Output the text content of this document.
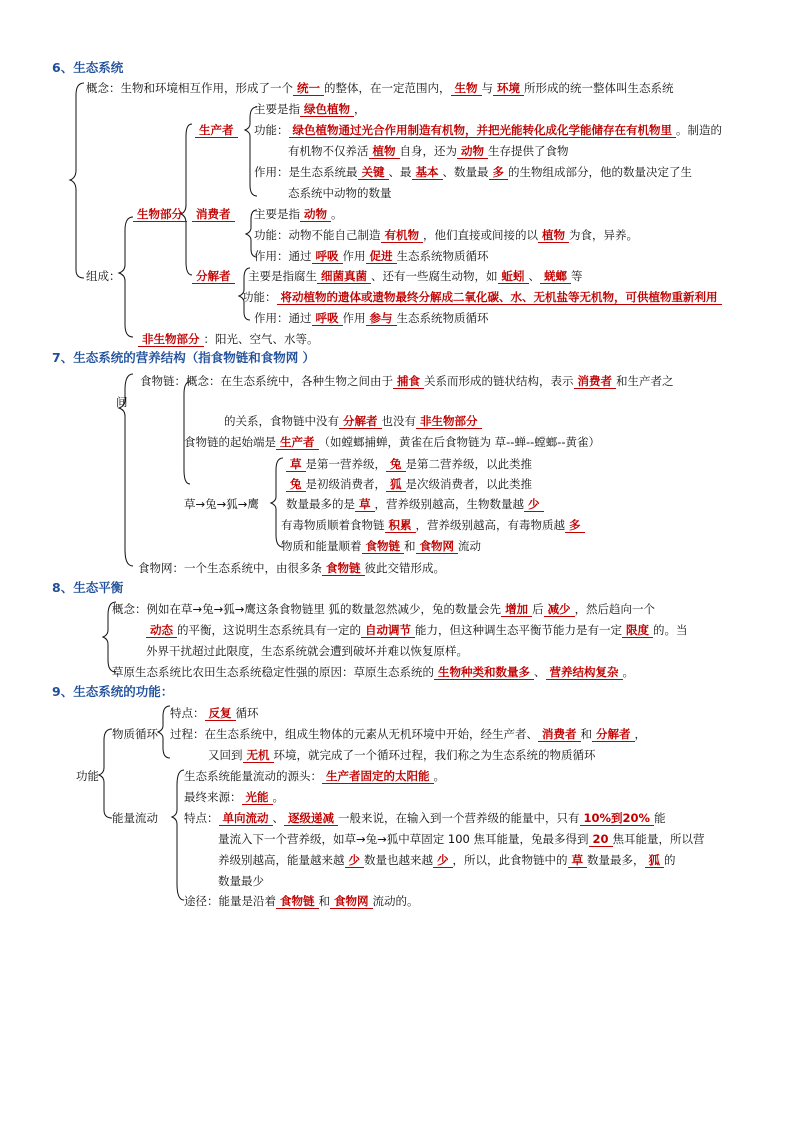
6、生态系统
概念：生物和环境相互作用，形成了一个 统一 的整体，在一定范围内， 生物 与 环境 所形成的统一整体叫生态系统
主要是指 绿色植物 ，
生产者	功能： 绿色植物通过光合作用制造有机物，并把光能转化成化学能储存在有机物里 。制造的
有机物不仅养活 植物 自身，还为 动物 生存提供了食物
作用：是生态系统最 关键 、最 基本 、数量最 多 的生物组成部分，他的数量决定了生
态系统中动物的数量
生物部分	消费者	主要是指 动物 。
功能：动物不能自己制造 有机物 ，他们直接或间接的以 植物 为食，异养。
作用：通过 呼吸 作用 促进 生态系统物质循环
组成：	分解者	主要是指腐生 细菌真菌 、还有一些腐生动物，如 蚯蚓 、 蜣螂 等
功能： 将动植物的遗体或遗物最终分解成二氧化碳、水、无机盐等无机物，可供植物重新利用
作用：通过 呼吸 作用 参与 生态系统物质循环
非生物部分 ：阳光、空气、水等。
7、生态系统的营养结构（指食物链和食物网 ）
食物链：概念：在生态系统中，各种生物之间由于 捕食 关系而形成的链状结构，表示 消费者 和生产者之
间
的关系，食物链中没有 分解者 也没有 非生物部分
食物链的起始端是 生产者 （如螳螂捕蝉，黄雀在后食物链为 草--蝉--螳螂--黄雀）
草 是第一营养级， 兔 是第二营养级，以此类推
兔 是初级消费者， 狐 是次级消费者，以此类推
草→兔→狐→鹰 数量最多的是 草 ，营养级别越高，生物数量越 少
有毒物质顺着食物链 积累 ，营养级别越高，有毒物质越 多
物质和能量顺着 食物链 和 食物网 流动
食物网：一个生态系统中，由很多条 食物链 彼此交错形成。
8、生态平衡
概念：例如在草→兔→狐→鹰这条食物链里 狐的数量忽然减少，兔的数量会先 增加 后 减少 ，然后趋向一个
动态 的平衡，这说明生态系统具有一定的 自动调节 能力，但这种调生态平衡节能力是有一定 限度 的。当
外界干扰超过此限度，生态系统就会遭到破坏并难以恢复原样。
草原生态系统比农田生态系统稳定性强的原因：草原生态系统的 生物种类和数量多 、 营养结构复杂 。
9、生态系统的功能：
特点： 反复 循环
物质循环 过程：在生态系统中，组成生物体的元素从无机环境中开始，经生产者、 消费者 和 分解者 ，
又回到 无机 环境，就完成了一个循环过程，我们称之为生态系统的物质循环
生态系统能量流动的源头： 生产者固定的太阳能 。
功能
最终来源： 光能 。
能量流动 特点： 单向流动 、 逐级递减 一般来说，在输入到一个营养级的能量中，只有 10%到20% 能
量流入下一个营养级，如草→兔→狐中草固定 100 焦耳能量，兔最多得到 20 焦耳能量，所以营
养级别越高，能量越来越 少 数量也越来越 少 ，所以，此食物链中的 草 数量最多， 狐 的
数量最少
途径：能量是沿着 食物链 和 食物网 流动的。
